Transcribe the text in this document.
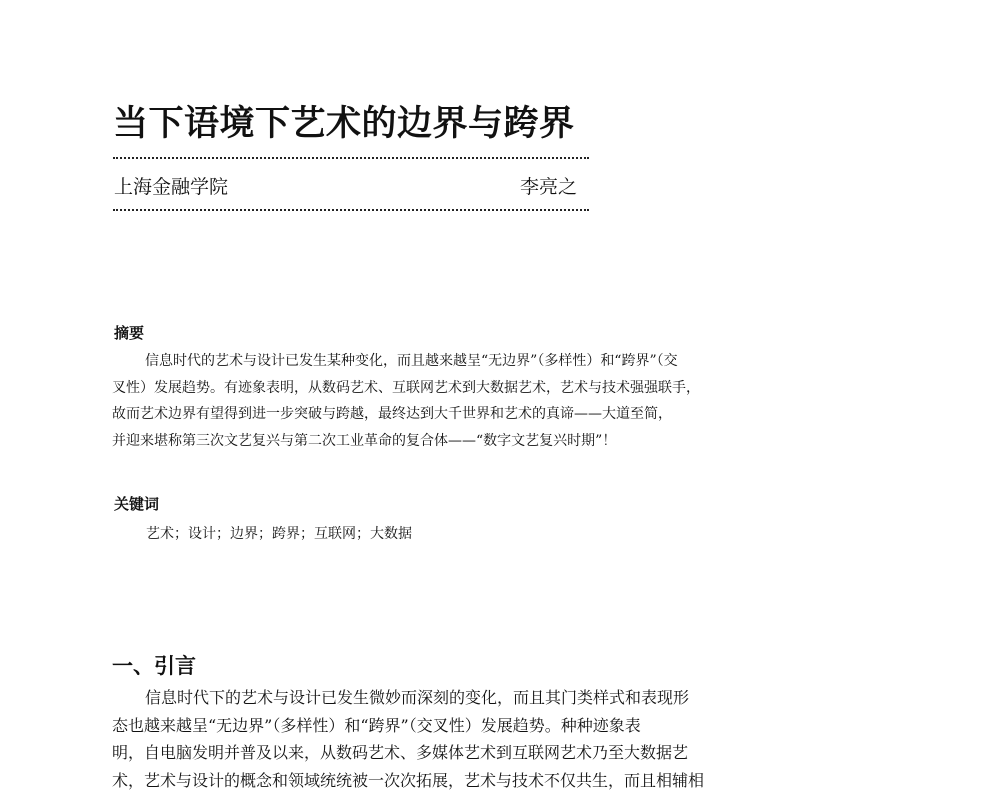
当下语境下艺术的边界与跨界
上海金融学院	李亮之
摘要
信息时代的艺术与设计已发生某种变化，而且越来越呈“无边界”（多样性）和“跨界”（交
叉性）发展趋势。有迹象表明，从数码艺术、互联网艺术到大数据艺术，艺术与技术强强联手，
故而艺术边界有望得到进一步突破与跨越，最终达到大千世界和艺术的真谛——大道至简，
并迎来堪称第三次文艺复兴与第二次工业革命的复合体——“数字文艺复兴时期”！
关键词
艺术；设计；边界；跨界；互联网；大数据
一、引言
信息时代下的艺术与设计已发生微妙而深刻的变化，而且其门类样式和表现形
态也越来越呈“无边界”（多样性）和“跨界”（交叉性）发展趋势。种种迹象表
明，自电脑发明并普及以来，从数码艺术、多媒体艺术到互联网艺术乃至大数据艺
术，艺术与设计的概念和领域统统被一次次拓展，艺术与技术不仅共生，而且相辅相
